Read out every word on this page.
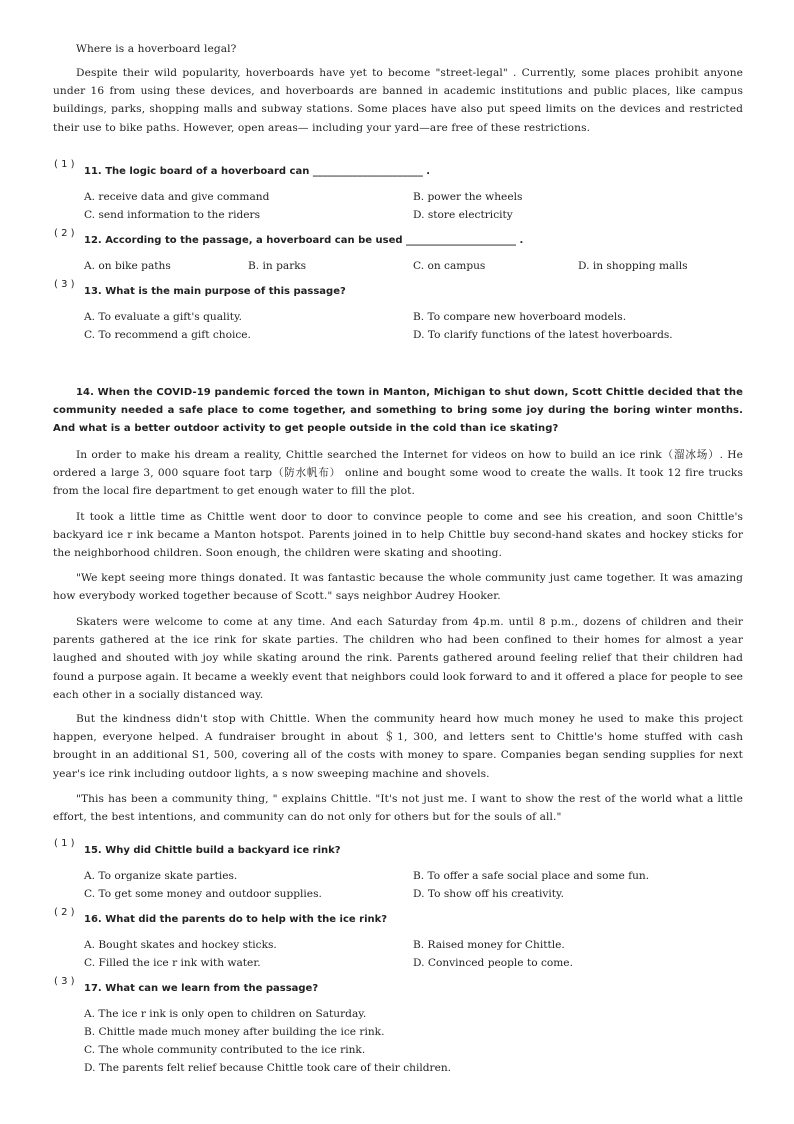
Where is a hoverboard legal?
Despite their wild popularity, hoverboards have yet to become "street-legal" . Currently, some places prohibit anyone under 16 from using these devices, and hoverboards are banned in academic institutions and public places, like campus buildings, parks, shopping malls and subway stations. Some places have also put speed limits on the devices and restricted their use to bike paths. However, open areas— including your yard—are free of these restrictions.
( 1 )
11. The logic board of a hoverboard can ______________________ .
A. receive data and give command	B. power the wheels
C. send information to the riders	D. store electricity
( 2 )
12. According to the passage, a hoverboard can be used ______________________ .
A. on bike paths	B. in parks	C. on campus	D. in shopping malls
( 3 )
13. What is the main purpose of this passage?
A. To evaluate a gift's quality.	B. To compare new hoverboard models.
C. To recommend a gift choice.	D. To clarify functions of the latest hoverboards.
14. When the COVID-19 pandemic forced the town in Manton, Michigan to shut down, Scott Chittle decided that the community needed a safe place to come together, and something to bring some joy during the boring winter months. And what is a better outdoor activity to get people outside in the cold than ice skating?
In order to make his dream a reality, Chittle searched the Internet for videos on how to build an ice rink（溜冰场）. He ordered a large 3, 000 square foot tarp（防水帆布） online and bought some wood to create the walls. It took 12 fire trucks from the local fire department to get enough water to fill the plot.
It took a little time as Chittle went door to door to convince people to come and see his creation, and soon Chittle's backyard ice r ink became a Manton hotspot. Parents joined in to help Chittle buy second-hand skates and hockey sticks for the neighborhood children. Soon enough, the children were skating and shooting.
"We kept seeing more things donated. It was fantastic because the whole community just came together. It was amazing how everybody worked together because of Scott." says neighbor Audrey Hooker.
Skaters were welcome to come at any time. And each Saturday from 4p.m. until 8 p.m., dozens of children and their parents gathered at the ice rink for skate parties. The children who had been confined to their homes for almost a year laughed and shouted with joy while skating around the rink. Parents gathered around feeling relief that their children had found a purpose again. It became a weekly event that neighbors could look forward to and it offered a place for people to see each other in a socially distanced way.
But the kindness didn't stop with Chittle. When the community heard how much money he used to make this project happen, everyone helped. A fundraiser brought in about ＄1, 300, and letters sent to Chittle's home stuffed with cash brought in an additional S1, 500, covering all of the costs with money to spare. Companies began sending supplies for next year's ice rink including outdoor lights, a s now sweeping machine and shovels.
"This has been a community thing, " explains Chittle. "It's not just me. I want to show the rest of the world what a little effort, the best intentions, and community can do not only for others but for the souls of all."
( 1 )
15. Why did Chittle build a backyard ice rink?
A. To organize skate parties.	B. To offer a safe social place and some fun.
C. To get some money and outdoor supplies.	D. To show off his creativity.
( 2 )
16. What did the parents do to help with the ice rink?
A. Bought skates and hockey sticks.	B. Raised money for Chittle.
C. Filled the ice r ink with water.	D. Convinced people to come.
( 3 )
17. What can we learn from the passage?
A. The ice r ink is only open to children on Saturday.
B. Chittle made much money after building the ice rink.
C. The whole community contributed to the ice rink.
D. The parents felt relief because Chittle took care of their children.
